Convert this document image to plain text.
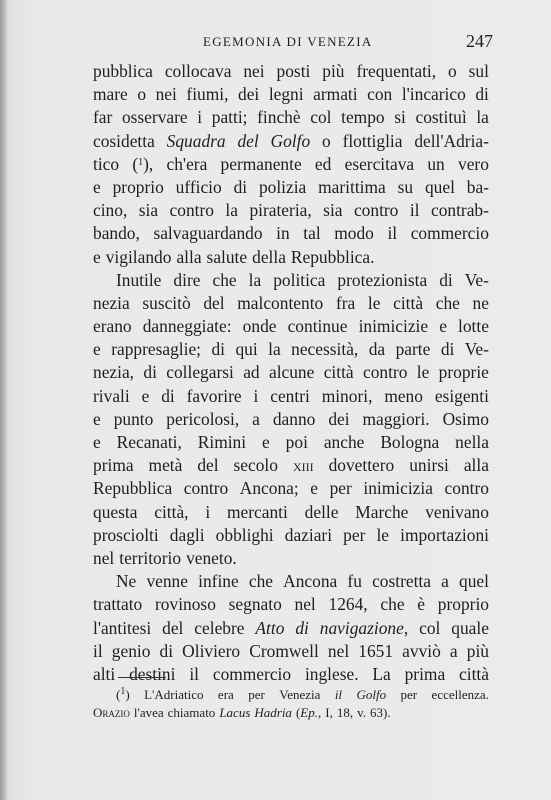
EGEMONIA DI VENEZIA	247
pubblica collocava nei posti più frequentati, o sul
mare o nei fiumi, dei legni armati con l'incarico di
far osservare i patti; finchè col tempo si costituì la
cosidetta Squadra del Golfo o flottiglia dell'Adria-
tico ($^1$), ch'era permanente ed esercitava un vero
e proprio ufficio di polizia marittima su quel ba-
cino, sia contro la pirateria, sia contro il contrab-
bando, salvaguardando in tal modo il commercio
e vigilando alla salute della Repubblica.
Inutile dire che la politica protezionista di Ve-
nezia suscitò del malcontento fra le città che ne
erano danneggiate: onde continue inimicizie e lotte
e rappresaglie; di qui la necessità, da parte di Ve-
nezia, di collegarsi ad alcune città contro le proprie
rivali e di favorire i centri minori, meno esigenti
e punto pericolosi, a danno dei maggiori. Osimo
e Recanati, Rimini e poi anche Bologna nella
prima metà del secolo xiii dovettero unirsi alla
Repubblica contro Ancona; e per inimicizia contro
questa città, i mercanti delle Marche venivano
prosciolti dagli obblighi daziari per le importazioni
nel territorio veneto.
Ne venne infine che Ancona fu costretta a quel
trattato rovinoso segnato nel 1264, che è proprio
l'antitesi del celebre Atto di navigazione, col quale
il genio di Oliviero Cromwell nel 1651 avviò a più
alti destini il commercio inglese. La prima città
($^1$) L'Adriatico era per Venezia il Golfo per eccellenza.
Orazio l'avea chiamato Lacus Hadria (Ep., I, 18, v. 63).
